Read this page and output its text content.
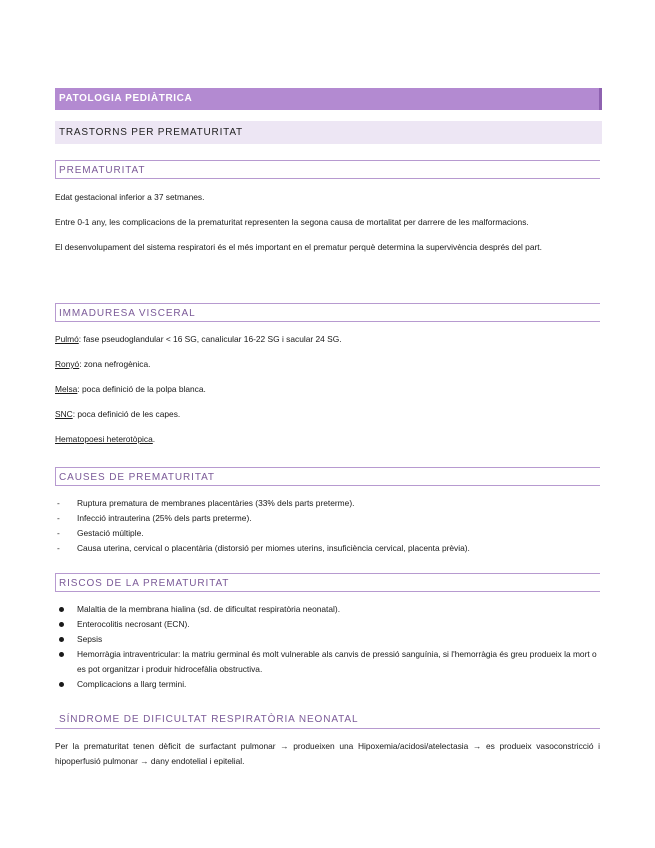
PATOLOGIA PEDIÀTRICA
TRASTORNS PER PREMATURITAT
PREMATURITAT

Edat gestacional inferior a 37 setmanes.

Entre 0-1 any, les complicacions de la prematuritat representen la segona causa de mortalitat per darrere de les malformacions.

El desenvolupament del sistema respiratori és el més important en el prematur perquè determina la supervivència després del part.

IMMADURESA VISCERAL

Pulmó: fase pseudoglandular < 16 SG, canalicular 16-22 SG i sacular 24 SG.

Ronyó: zona nefrogènica.

Melsa: poca definició de la polpa blanca.

SNC: poca definició de les capes.

Hematopoesi heterotòpica.

CAUSES DE PREMATURITAT
- Ruptura prematura de membranes placentàries (33% dels parts preterme).
- Infecció intrauterina (25% dels parts preterme).
- Gestació múltiple.
- Causa uterina, cervical o placentària (distorsió per miomes uterins, insuficiència cervical, placenta prèvia).
RISCOS DE LA PREMATURITAT
Malaltia de la membrana hialina (sd. de dificultat respiratòria neonatal).
Enterocolitis necrosant (ECN).
Sepsis
Hemorràgia intraventricular: la matriu germinal és molt vulnerable als canvis de pressió sanguínia, si l'hemorràgia és greu produeix la mort o es pot organitzar i produir hidrocefàlia obstructiva.
Complicacions a llarg termini.
SÍNDROME DE DIFICULTAT RESPIRATÒRIA NEONATAL

Per la prematuritat tenen dèficit de surfactant pulmonar → produeixen una Hipoxemia/acidosi/atelectasia → es produeix vasoconstricció i hipoperfusió pulmonar → dany endotelial i epitelial.
